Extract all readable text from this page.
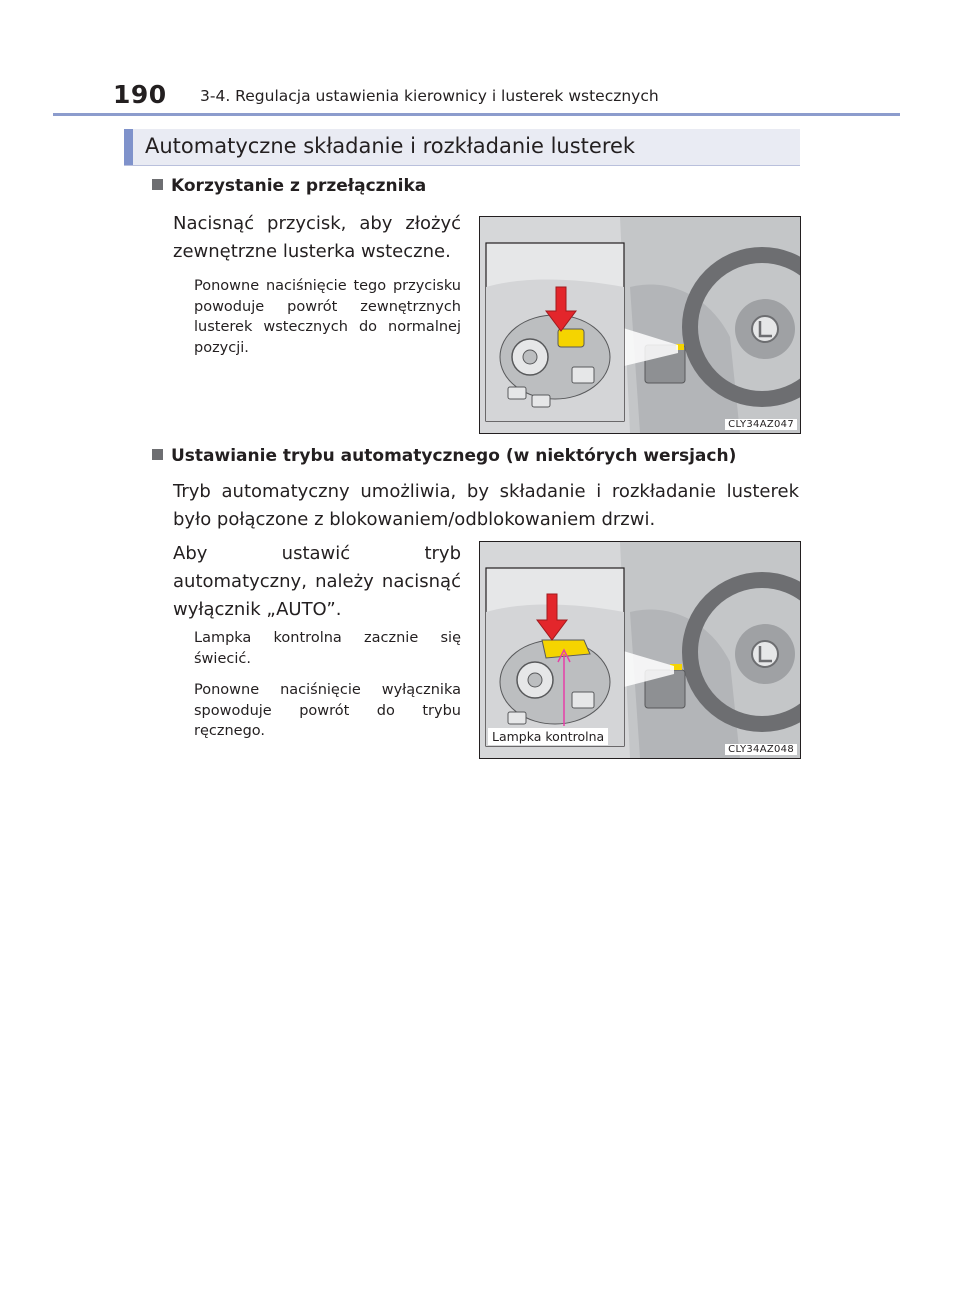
190 3-4. Regulacja ustawienia kierownicy i lusterek wstecznych
Automatyczne składanie i rozkładanie lusterek
Korzystanie z przełącznika
Nacisnąć przycisk, aby złożyć zewnętrzne lusterka wsteczne.
Ponowne naciśnięcie tego przycisku powoduje powrót zewnętrznych lusterek wstecznych do normalnej pozycji.
CLY34AZ047
Ustawianie trybu automatycznego (w niektórych wersjach)
Tryb automatyczny umożliwia, by składanie i rozkładanie lusterek było połączone z blokowaniem/odblokowaniem drzwi.
Aby ustawić tryb automatyczny, należy nacisnąć wyłącznik „AUTO”.
Lampka kontrolna zacznie się świecić.
Ponowne naciśnięcie wyłącznika spowoduje powrót do trybu ręcznego.	Lampka kontrolna
CLY34AZ048
